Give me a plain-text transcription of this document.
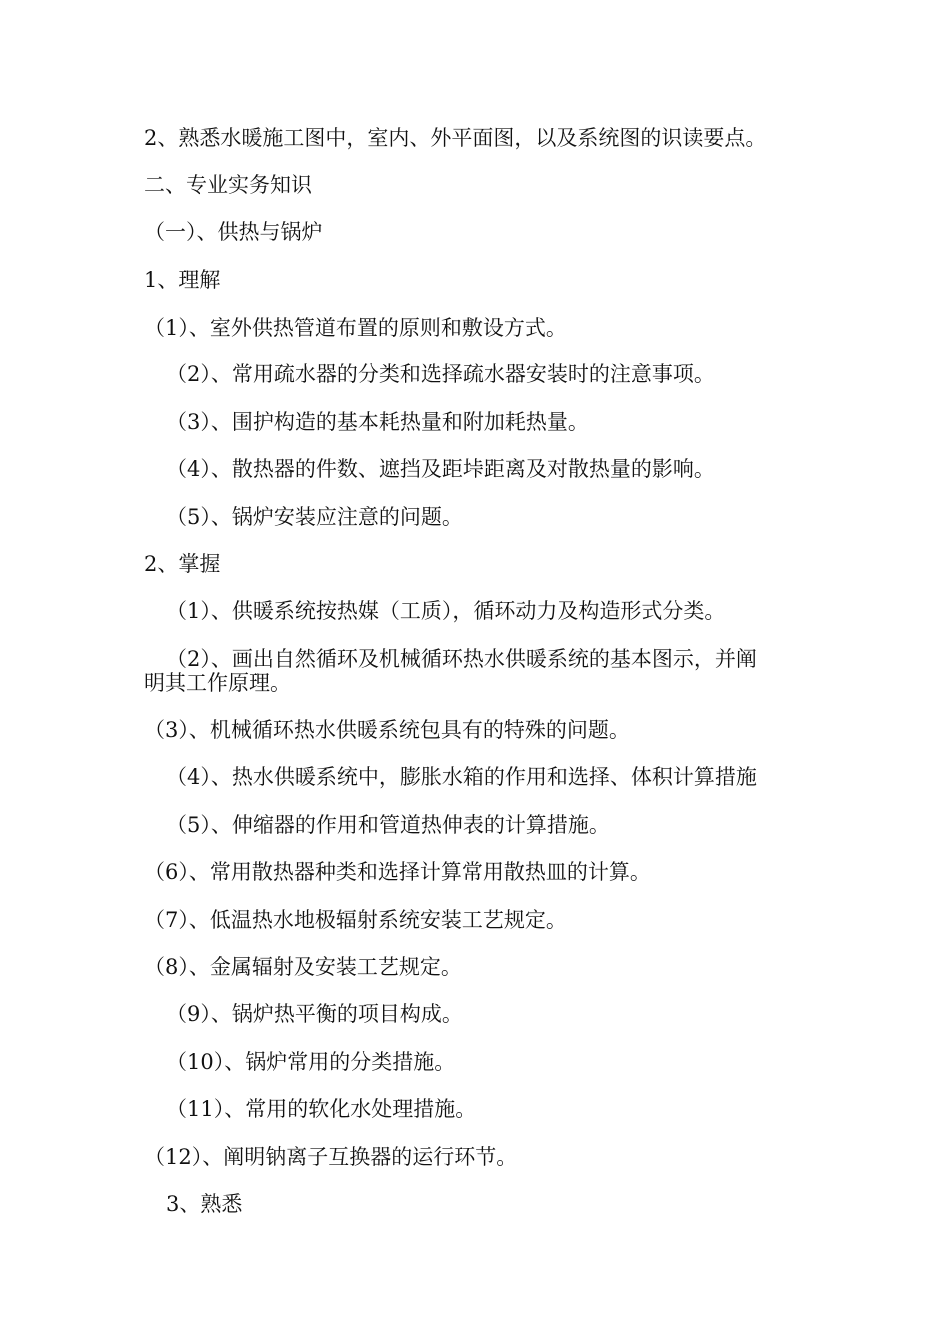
2、熟悉水暖施工图中，室内、外平面图，以及系统图的识读要点。
二、专业实务知识
（一）、供热与锅炉
1、理解
（1）、室外供热管道布置的原则和敷设方式。
（2）、常用疏水器的分类和选择疏水器安装时的注意事项。
（3）、围护构造的基本耗热量和附加耗热量。
（4）、散热器的件数、遮挡及距垰距离及对散热量的影响。
（5）、锅炉安装应注意的问题。
2、掌握
（1）、供暖系统按热媒（工质），循环动力及构造形式分类。
（2）、画出自然循环及机械循环热水供暖系统的基本图示，并阐
明其工作原理。
（3）、机械循环热水供暖系统包具有的特殊的问题。
（4）、热水供暖系统中，膨胀水箱的作用和选择、体积计算措施
（5）、伸缩器的作用和管道热伸表的计算措施。
（6）、常用散热器种类和选择计算常用散热皿的计算。
（7）、低温热水地极辐射系统安装工艺规定。
（8）、金属辐射及安装工艺规定。
（9）、锅炉热平衡的项目构成。
（10）、锅炉常用的分类措施。
（11）、常用的软化水处理措施。
（12）、阐明钠离子互换器的运行环节。
3、熟悉
